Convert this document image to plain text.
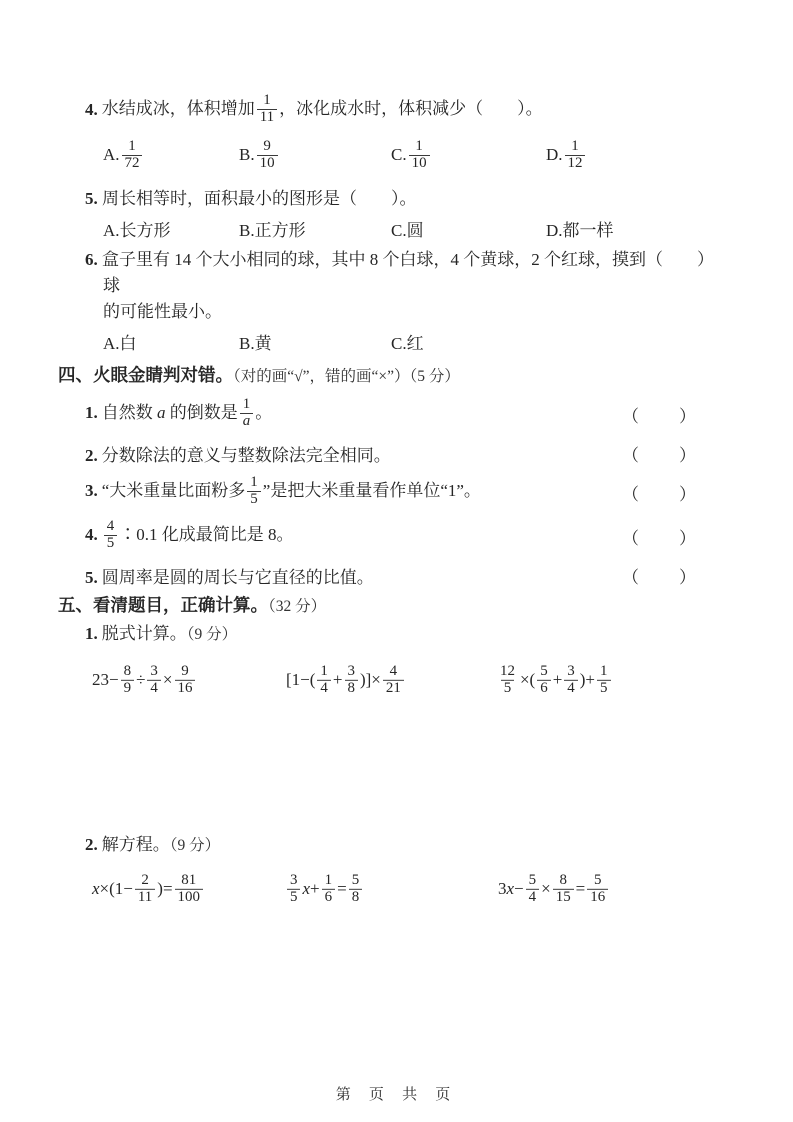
4. 水结成冰，体积增加 $\frac{1}{11}$ ，冰化成水时，体积减少（　　）。
A. $\frac{1}{72}$	B. $\frac{9}{10}$	C. $\frac{1}{10}$	D. $\frac{1}{12}$
5. 周长相等时，面积最小的图形是（　　）。
A.长方形	B.正方形	C.圆	D.都一样
6. 盒子里有 14 个大小相同的球，其中 8 个白球，4 个黄球，2 个红球，摸到（　　）球
的可能性最小。
A.白	B.黄	C.红
四、火眼金睛判对错。（对的画“√”，错的画“×”）（5 分）
1. 自然数 a 的倒数是 $\frac{1}{a}$ 。	（　　）
2. 分数除法的意义与整数除法完全相同。	（　　）
3. “大米重量比面粉多 $\frac{1}{5}$ ”是把大米重量看作单位“1”。	（　　）
4. $\frac{4}{5}$ ∶0.1 化成最简比是 8。	（　　）
5. 圆周率是圆的周长与它直径的比值。	（　　）
五、看清题目，正确计算。（32 分）
1. 脱式计算。（9 分）
$23- \frac{8}{9} \div \frac{3}{4} \times \frac{9}{16}$	[$1-( \frac{1}{4} + \frac{3}{8}$ )]× $\frac{4}{21}$	$\frac{12}{5}$ ×( $\frac{5}{6} + \frac{3}{4}$ )+ $\frac{1}{5}$
2. 解方程。（9 分）
$x\times(1- \frac{2}{11}$ )= $\frac{81}{100}$	$\frac{3}{5} x+ \frac{1}{6} = \frac{5}{8}$	$3x- \frac{5}{4} \times \frac{8}{15} = \frac{5}{16}$
第 页 共 页
